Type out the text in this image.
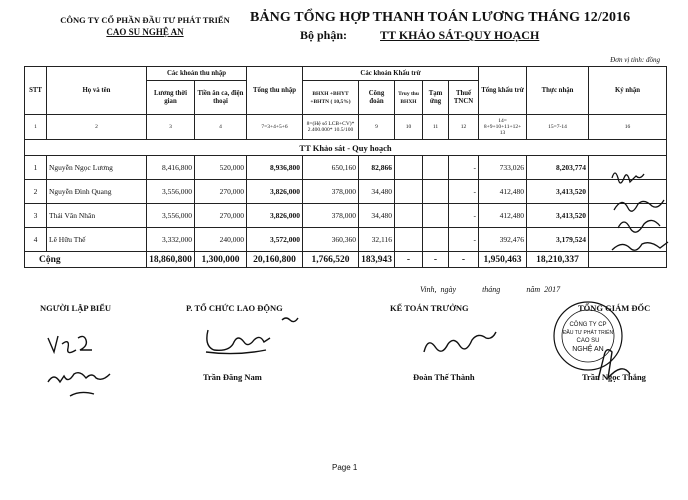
CÔNG TY CỔ PHẦN ĐẦU TƯ PHÁT TRIỂN
CAO SU NGHỆ AN
BẢNG TỔNG HỢP THANH TOÁN LƯƠNG THÁNG 12/2016
Bộ phận:	TT KHẢO SÁT-QUY HOẠCH
Đơn vị tính: đồng
STT	Họ và tên	Các khoản thu nhập		Tổng thu nhập	Các khoản Khấu trừ					Tổng khấu trừ	Thực nhận	Ký nhận
		Lương thời gian	Tiền ăn ca, điện thoại		BHXH +BHYT +BHTN ( 10,5%)	Công đoàn	Truy thu BHXH	Tạm ứng	Thuế TNCN			
1	2	3	4	7=3+4+5+6	8=(Hệ số LCB+CV)* 2.400.000* 10.5/100	9	10	11	12	14= 8+9+10+11+12+ 13	15=7-14	16
TT Khảo sát - Quy hoạch												
1	Nguyễn Ngọc Lương	8,416,800	520,000	8,936,800	650,160	82,866			-	733,026	8,203,774	
2	Nguyễn Đình Quang	3,556,000	270,000	3,826,000	378,000	34,480			-	412,480	3,413,520	
3	Thái Văn Nhân	3,556,000	270,000	3,826,000	378,000	34,480			-	412,480	3,413,520	
4	Lê Hữu Thế	3,332,000	240,000	3,572,000	360,360	32,116			-	392,476	3,179,524	
Cộng		18,860,800	1,300,000	20,160,800	1,766,520	183,943	-	-	-	1,950,463	18,210,337	
Vinh, ngày	tháng	năm 2017
NGƯỜI LẬP BIỂU	P. TỔ CHỨC LAO ĐỘNG	KẾ TOÁN TRƯỞNG	TỔNG GIÁM ĐỐC
Trần Đăng Nam	Đoàn Thế Thành	Trần Ngọc Thắng
CÔNG TY CP
ĐẦU TƯ PHÁT TRIỂN
CAO SU
NGHỆ AN
Page 1
